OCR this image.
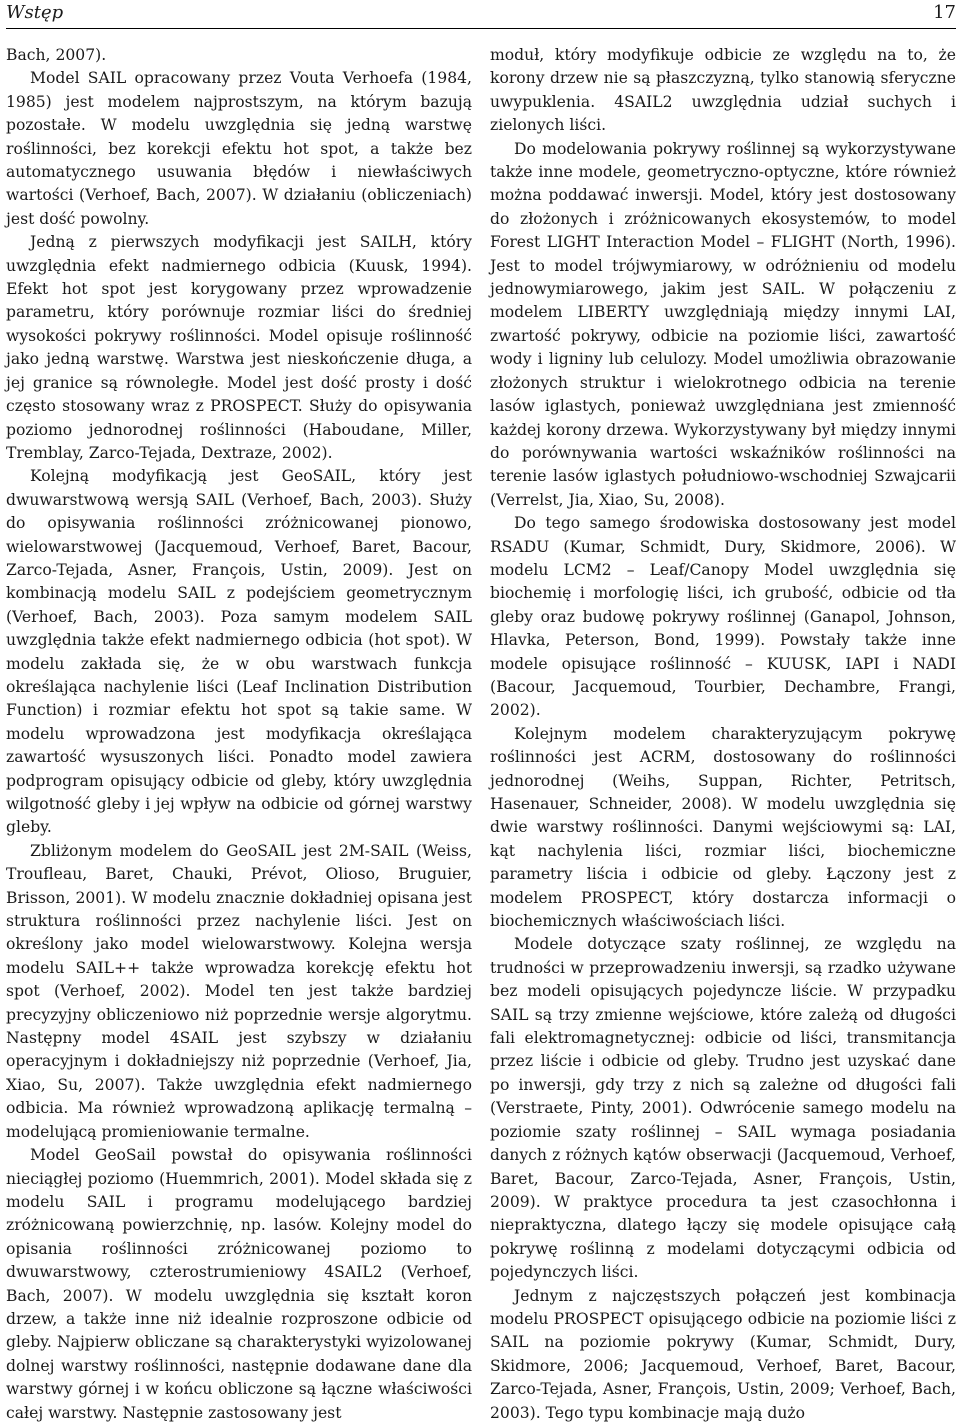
Wstęp	17

Bach, 2007).

Model SAIL opracowany przez Vouta Verhoefa (1984, 1985) jest modelem najprostszym, na którym bazują pozostałe. W modelu uwzględnia się jedną warstwę roślinności, bez korekcji efektu hot spot, a także bez automatycznego usuwania błędów i niewłaściwych wartości (Verhoef, Bach, 2007). W działaniu (obliczeniach) jest dość powolny.

Jedną z pierwszych modyfikacji jest SAILH, który uwzględnia efekt nadmiernego odbicia (Kuusk, 1994). Efekt hot spot jest korygowany przez wprowadzenie parametru, który porównuje rozmiar liści do średniej wysokości pokrywy roślinności. Model opisuje roślinność jako jedną warstwę. Warstwa jest nieskończenie długa, a jej granice są równoległe. Model jest dość prosty i dość często stosowany wraz z PROSPECT. Służy do opisywania poziomo jednorodnej roślinności (Haboudane, Miller, Tremblay, Zarco-Tejada, Dextraze, 2002).

Kolejną modyfikacją jest GeoSAIL, który jest dwuwarstwową wersją SAIL (Verhoef, Bach, 2003). Służy do opisywania roślinności zróżnicowanej pionowo, wielowarstwowej (Jacquemoud, Verhoef, Baret, Bacour, Zarco-Tejada, Asner, François, Ustin, 2009). Jest on kombinacją modelu SAIL z podejściem geometrycznym (Verhoef, Bach, 2003). Poza samym modelem SAIL uwzględnia także efekt nadmiernego odbicia (hot spot). W modelu zakłada się, że w obu warstwach funkcja określająca nachylenie liści (Leaf Inclination Distribution Function) i rozmiar efektu hot spot są takie same. W modelu wprowadzona jest modyfikacja określająca zawartość wysuszonych liści. Ponadto model zawiera podprogram opisujący odbicie od gleby, który uwzględnia wilgotność gleby i jej wpływ na odbicie od górnej warstwy gleby.

Zbliżonym modelem do GeoSAIL jest 2M-SAIL (Weiss, Troufleau, Baret, Chauki, Prévot, Olioso, Bruguier, Brisson, 2001). W modelu znacznie dokładniej opisana jest struktura roślinności przez nachylenie liści. Jest on określony jako model wielowarstwowy. Kolejna wersja modelu SAIL++ także wprowadza korekcję efektu hot spot (Verhoef, 2002). Model ten jest także bardziej precyzyjny obliczeniowo niż poprzednie wersje algorytmu. Następny model 4SAIL jest szybszy w działaniu operacyjnym i dokładniejszy niż poprzednie (Verhoef, Jia, Xiao, Su, 2007). Także uwzględnia efekt nadmiernego odbicia. Ma również wprowadzoną aplikację termalną – modelującą promieniowanie termalne.

Model GeoSail powstał do opisywania roślinności nieciągłej poziomo (Huemmrich, 2001). Model składa się z modelu SAIL i programu modelującego bardziej zróżnicowaną powierzchnię, np. lasów. Kolejny model do opisania roślinności zróżnicowanej poziomo to dwuwarstwowy, czterostrumieniowy 4SAIL2 (Verhoef, Bach, 2007). W modelu uwzględnia się kształt koron drzew, a także inne niż idealnie rozproszone odbicie od gleby. Najpierw obliczane są charakterystyki wyizolowanej dolnej warstwy roślinności, następnie dodawane dane dla warstwy górnej i w końcu obliczone są łączne właściwości całej warstwy. Następnie zastosowany jest

moduł, który modyfikuje odbicie ze względu na to, że korony drzew nie są płaszczyzną, tylko stanowią sferyczne uwypuklenia. 4SAIL2 uwzględnia udział suchych i zielonych liści.

Do modelowania pokrywy roślinnej są wykorzystywane także inne modele, geometryczno-optyczne, które również można poddawać inwersji. Model, który jest dostosowany do złożonych i zróżnicowanych ekosystemów, to model Forest LIGHT Interaction Model – FLIGHT (North, 1996). Jest to model trójwymiarowy, w odróżnieniu od modelu jednowymiarowego, jakim jest SAIL. W połączeniu z modelem LIBERTY uwzględniają między innymi LAI, zwartość pokrywy, odbicie na poziomie liści, zawartość wody i ligniny lub celulozy. Model umożliwia obrazowanie złożonych struktur i wielokrotnego odbicia na terenie lasów iglastych, ponieważ uwzględniana jest zmienność każdej korony drzewa. Wykorzystywany był między innymi do porównywania wartości wskaźników roślinności na terenie lasów iglastych południowo-wschodniej Szwajcarii (Verrelst, Jia, Xiao, Su, 2008).

Do tego samego środowiska dostosowany jest model RSADU (Kumar, Schmidt, Dury, Skidmore, 2006). W modelu LCM2 – Leaf/Canopy Model uwzględnia się biochemię i morfologię liści, ich grubość, odbicie od tła gleby oraz budowę pokrywy roślinnej (Ganapol, Johnson, Hlavka, Peterson, Bond, 1999). Powstały także inne modele opisujące roślinność – KUUSK, IAPI i NADI (Bacour, Jacquemoud, Tourbier, Dechambre, Frangi, 2002).

Kolejnym modelem charakteryzującym pokrywę roślinności jest ACRM, dostosowany do roślinności jednorodnej (Weihs, Suppan, Richter, Petritsch, Hasenauer, Schneider, 2008). W modelu uwzględnia się dwie warstwy roślinności. Danymi wejściowymi są: LAI, kąt nachylenia liści, rozmiar liści, biochemiczne parametry liścia i odbicie od gleby. Łączony jest z modelem PROSPECT, który dostarcza informacji o biochemicznych właściwościach liści.

Modele dotyczące szaty roślinnej, ze względu na trudności w przeprowadzeniu inwersji, są rzadko używane bez modeli opisujących pojedyncze liście. W przypadku SAIL są trzy zmienne wejściowe, które zależą od długości fali elektromagnetycznej: odbicie od liści, transmitancja przez liście i odbicie od gleby. Trudno jest uzyskać dane po inwersji, gdy trzy z nich są zależne od długości fali (Verstraete, Pinty, 2001). Odwrócenie samego modelu na poziomie szaty roślinnej – SAIL wymaga posiadania danych z różnych kątów obserwacji (Jacquemoud, Verhoef, Baret, Bacour, Zarco-Tejada, Asner, François, Ustin, 2009). W praktyce procedura ta jest czasochłonna i niepraktyczna, dlatego łączy się modele opisujące całą pokrywę roślinną z modelami dotyczącymi odbicia od pojedynczych liści.

Jednym z najczęstszych połączeń jest kombinacja modelu PROSPECT opisującego odbicie na poziomie liści z SAIL na poziomie pokrywy (Kumar, Schmidt, Dury, Skidmore, 2006; Jacquemoud, Verhoef, Baret, Bacour, Zarco-Tejada, Asner, François, Ustin, 2009; Verhoef, Bach, 2003). Tego typu kombinacje mają dużo
